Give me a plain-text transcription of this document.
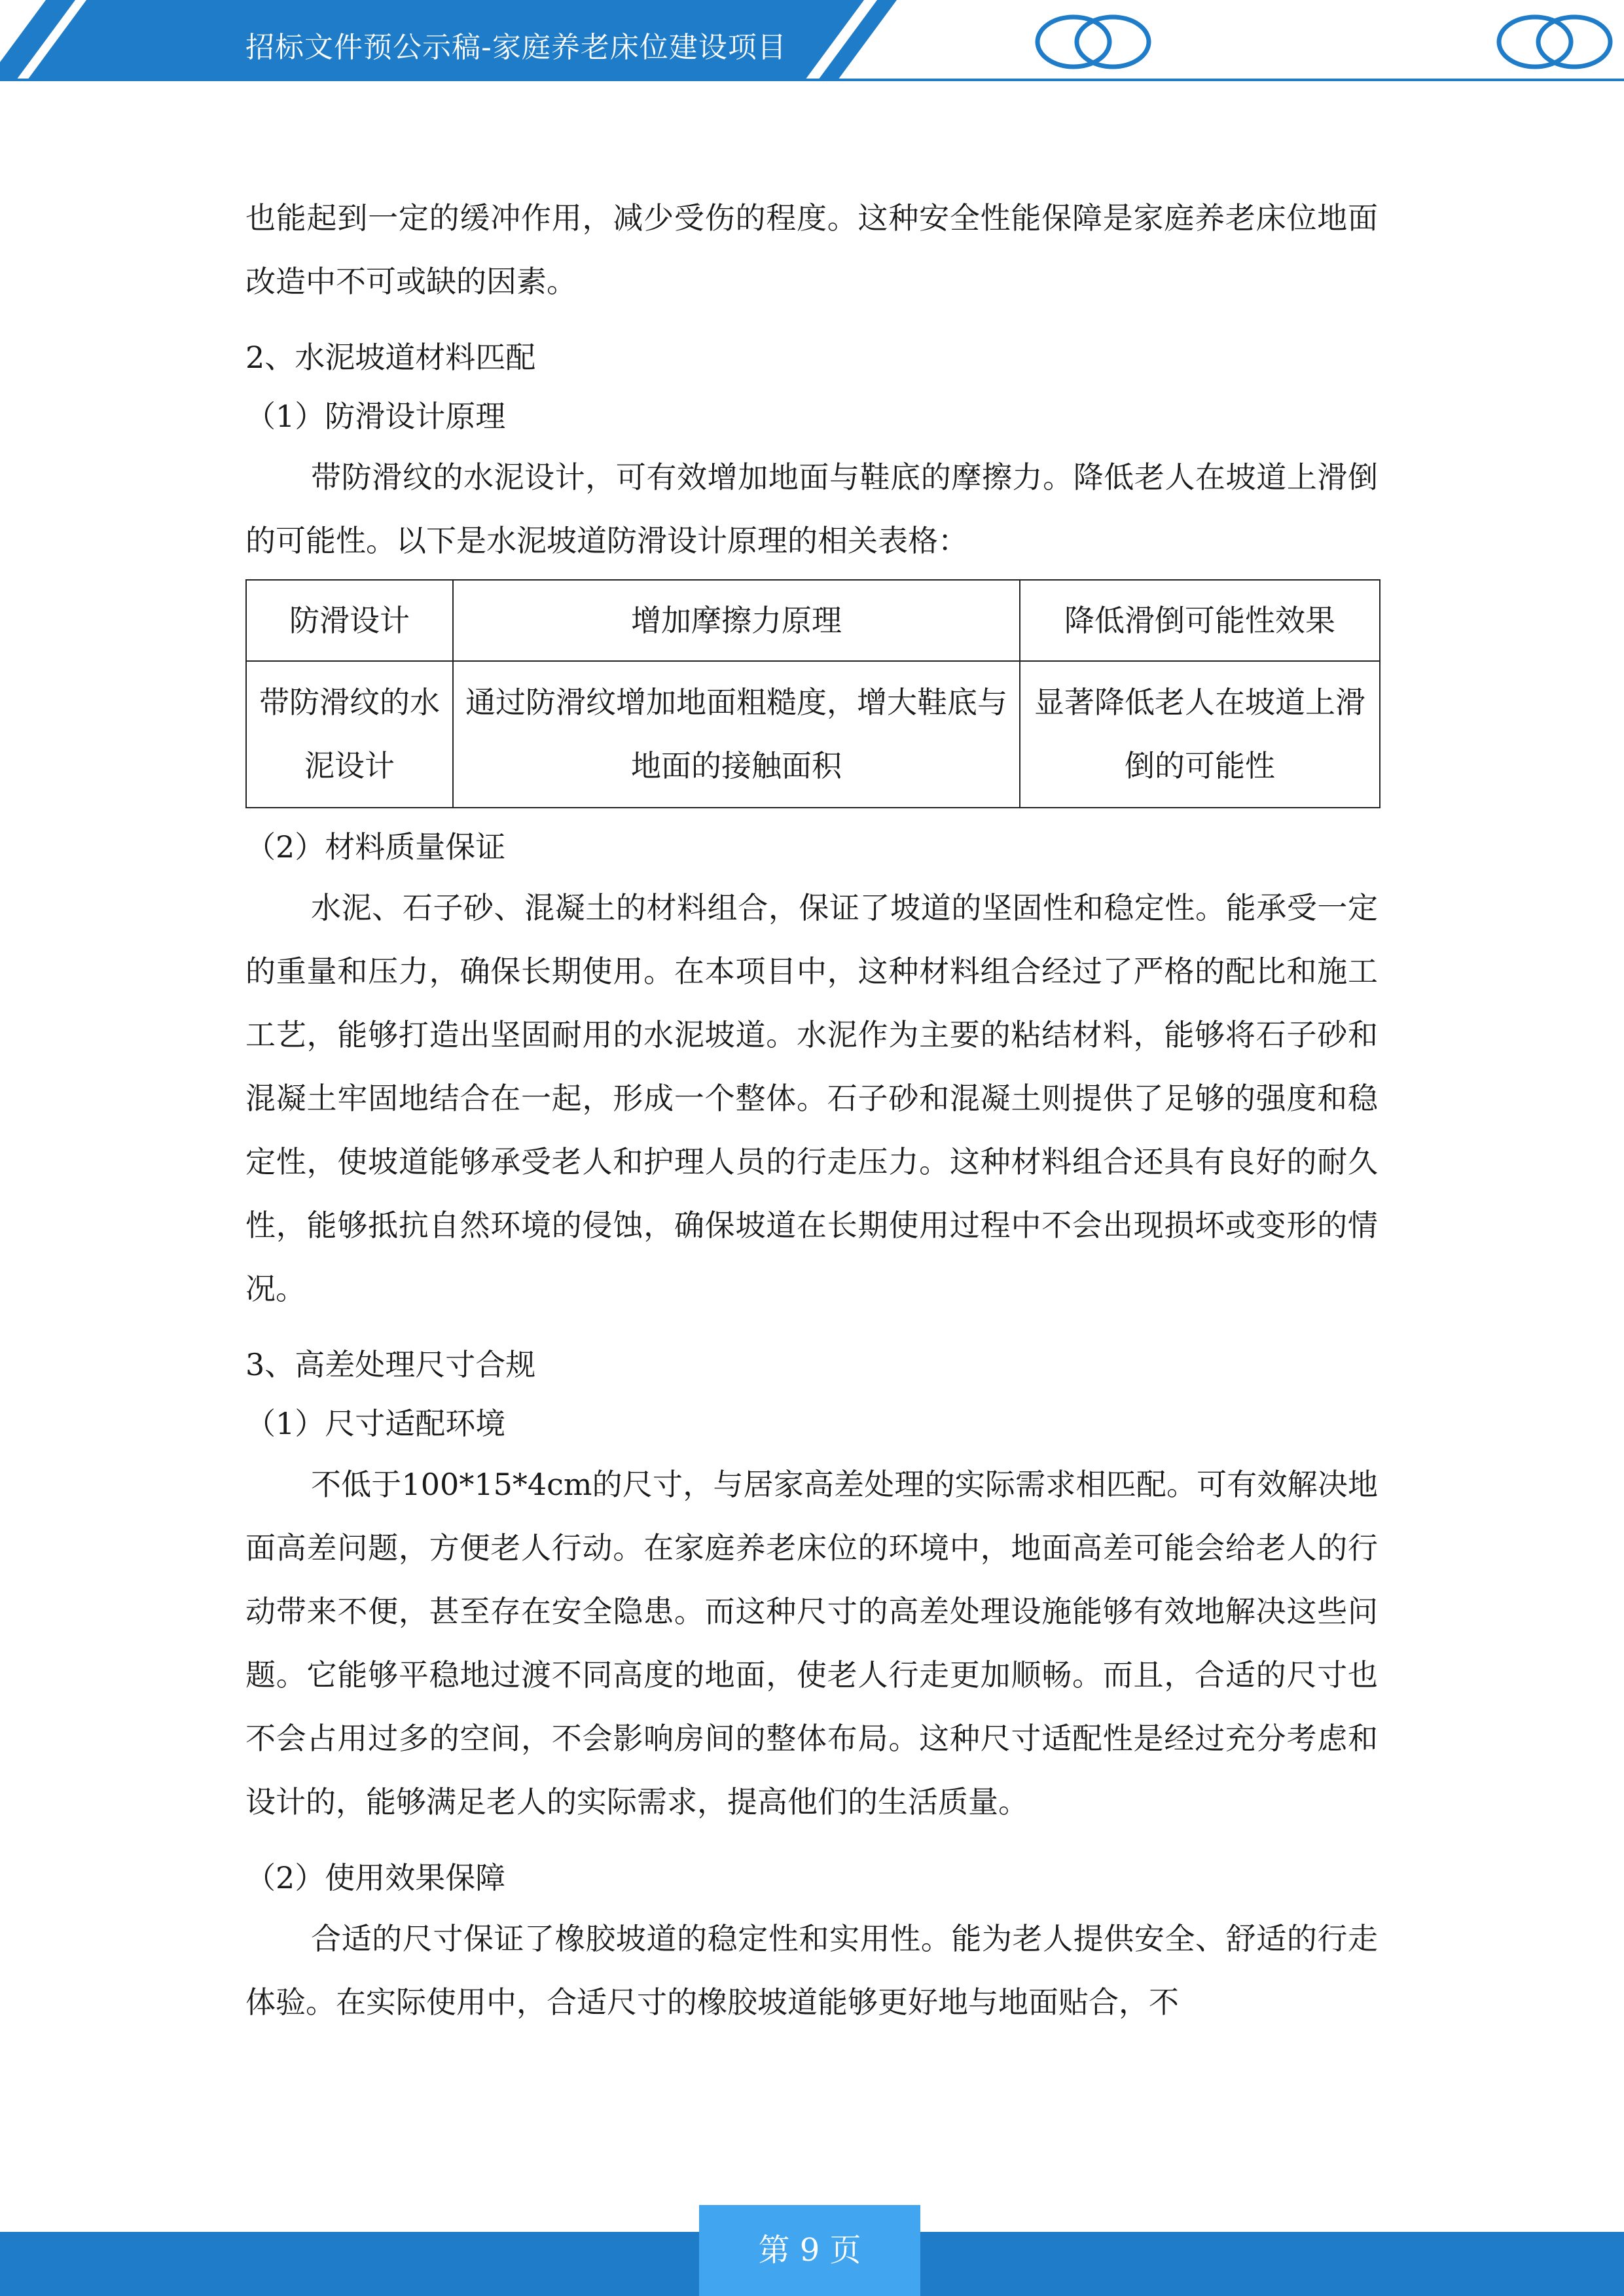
招标文件预公示稿-家庭养老床位建设项目

也能起到一定的缓冲作用，减少受伤的程度。这种安全性能保障是家庭养老床位地面改造中不可或缺的因素。

2、水泥坡道材料匹配

（1）防滑设计原理

带防滑纹的水泥设计，可有效增加地面与鞋底的摩擦力。降低老人在坡道上滑倒的可能性。以下是水泥坡道防滑设计原理的相关表格：

防滑设计	增加摩擦力原理	降低滑倒可能性效果
带防滑纹的水泥设计	通过防滑纹增加地面粗糙度，增大鞋底与地面的接触面积	显著降低老人在坡道上滑倒的可能性

（2）材料质量保证

水泥、石子砂、混凝土的材料组合，保证了坡道的坚固性和稳定性。能承受一定的重量和压力，确保长期使用。在本项目中，这种材料组合经过了严格的配比和施工工艺，能够打造出坚固耐用的水泥坡道。水泥作为主要的粘结材料，能够将石子砂和混凝土牢固地结合在一起，形成一个整体。石子砂和混凝土则提供了足够的强度和稳定性，使坡道能够承受老人和护理人员的行走压力。这种材料组合还具有良好的耐久性，能够抵抗自然环境的侵蚀，确保坡道在长期使用过程中不会出现损坏或变形的情况。

3、高差处理尺寸合规

（1）尺寸适配环境

不低于100*15*4cm的尺寸，与居家高差处理的实际需求相匹配。可有效解决地面高差问题，方便老人行动。在家庭养老床位的环境中，地面高差可能会给老人的行动带来不便，甚至存在安全隐患。而这种尺寸的高差处理设施能够有效地解决这些问题。它能够平稳地过渡不同高度的地面，使老人行走更加顺畅。而且，合适的尺寸也不会占用过多的空间，不会影响房间的整体布局。这种尺寸适配性是经过充分考虑和设计的，能够满足老人的实际需求，提高他们的生活质量。

（2）使用效果保障

合适的尺寸保证了橡胶坡道的稳定性和实用性。能为老人提供安全、舒适的行走体验。在实际使用中，合适尺寸的橡胶坡道能够更好地与地面贴合，不

第 9 页
